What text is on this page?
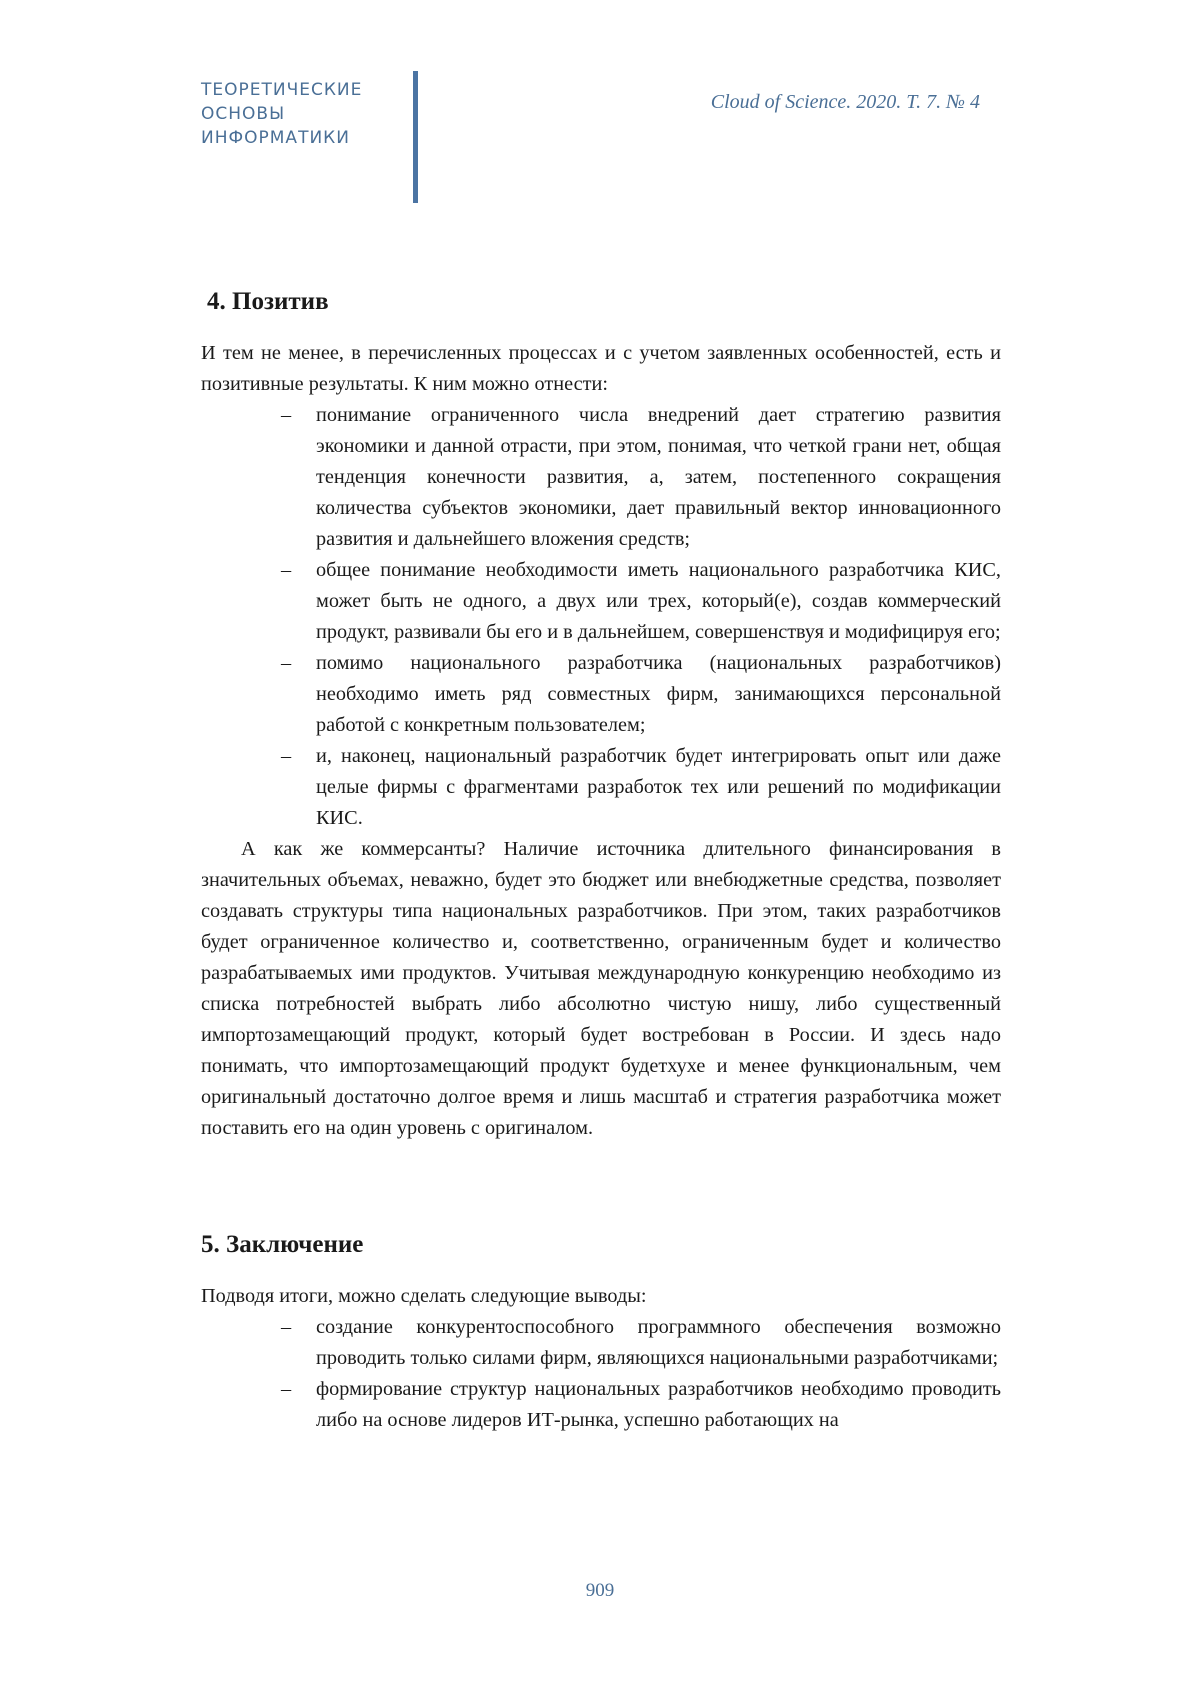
ТЕОРЕТИЧЕСКИЕ
ОСНОВЫ
ИНФОРМАТИКИ
Cloud of Science. 2020. Т. 7. № 4
4. Позитив

И тем не менее, в перечисленных процессах и с учетом заявленных особенностей, есть и позитивные результаты. К ним можно отнести:

– понимание ограниченного числа внедрений дает стратегию развития экономики и данной отрасти, при этом, понимая, что четкой грани нет, общая тенденция конечности развития, а, затем, постепенного сокращения количества субъектов экономики, дает правильный вектор инновационного развития и дальнейшего вложения средств;
– общее понимание необходимости иметь национального разработчика КИС, может быть не одного, а двух или трех, который(е), создав коммерческий продукт, развивали бы его и в дальнейшем, совершенствуя и модифицируя его;
– помимо национального разработчика (национальных разработчиков) необходимо иметь ряд совместных фирм, занимающихся персональной работой с конкретным пользователем;
– и, наконец, национальный разработчик будет интегрировать опыт или даже целые фирмы с фрагментами разработок тех или решений по модификации КИС.

А как же коммерсанты? Наличие источника длительного финансирования в значительных объемах, неважно, будет это бюджет или внебюджетные средства, позволяет создавать структуры типа национальных разработчиков. При этом, таких разработчиков будет ограниченное количество и, соответственно, ограниченным будет и количество разрабатываемых ими продуктов. Учитывая международную конкуренцию необходимо из списка потребностей выбрать либо абсолютно чистую нишу, либо существенный импортозамещающий продукт, который будет востребован в России. И здесь надо понимать, что импортозамещающий продукт будетхухе и менее функциональным, чем оригинальный достаточно долгое время и лишь масштаб и стратегия разработчика может поставить его на один уровень с оригиналом.

5. Заключение

Подводя итоги, можно сделать следующие выводы:

– создание конкурентоспособного программного обеспечения возможно проводить только силами фирм, являющихся национальными разработчиками;
– формирование структур национальных разработчиков необходимо проводить либо на основе лидеров ИТ-рынка, успешно работающих на
909
